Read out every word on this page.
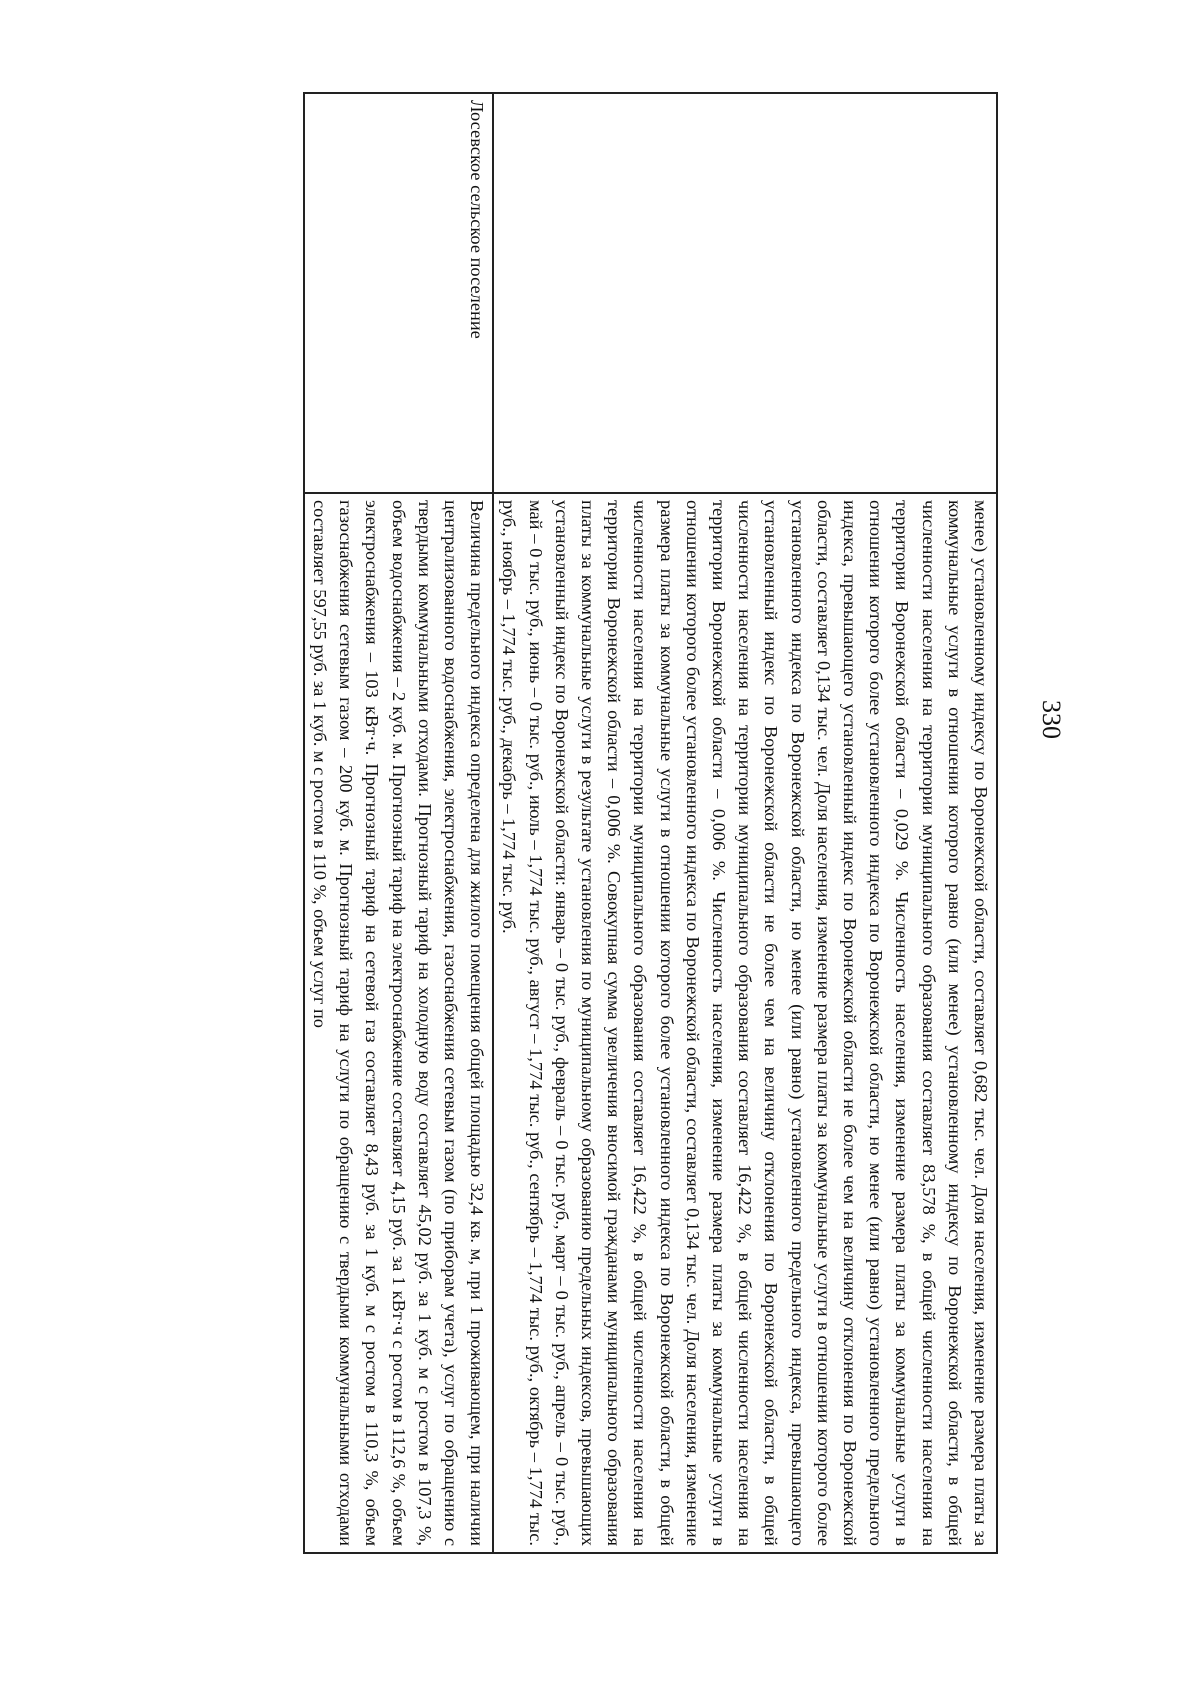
330
	менее) установленному индексу по Воронежской области, составляет 0,682 тыс. чел. Доля населения, изменение размера платы за коммунальные услуги в отношении которого равно (или менее) установленному индексу по Воронежской области, в общей численности населения на территории муниципального образования составляет 83,578 %, в общей численности населения на территории Воронежской области – 0,029 %. Численность населения, изменение размера платы за коммунальные услуги в отношении которого более установленного индекса по Воронежской области, но менее (или равно) установленного предельного индекса, превышающего установленный индекс по Воронежской области не более чем на величину отклонения по Воронежской области, составляет 0,134 тыс. чел. Доля населения, изменение размера платы за коммунальные услуги в отношении которого более установленного индекса по Воронежской области, но менее (или равно) установленного предельного индекса, превышающего установленный индекс по Воронежской области не более чем на величину отклонения по Воронежской области, в общей численности населения на территории муниципального образования составляет 16,422 %, в общей численности населения на территории Воронежской области – 0,006 %. Численность населения, изменение размера платы за коммунальные услуги в отношении которого более установленного индекса по Воронежской области, составляет 0,134 тыс. чел. Доля населения, изменение размера платы за коммунальные услуги в отношении которого более установленного индекса по Воронежской области, в общей численности населения на территории муниципального образования составляет 16,422 %, в общей численности населения на территории Воронежской области – 0,006 %. Совокупная сумма увеличения вносимой гражданами муниципального образования платы за коммунальные услуги в результате установления по муниципальному образованию предельных индексов, превышающих установленный индекс по Воронежской области: январь – 0 тыс. руб., февраль – 0 тыс. руб., март – 0 тыс. руб., апрель – 0 тыс. руб., май – 0 тыс. руб., июнь – 0 тыс. руб., июль – 1,774 тыс. руб., август – 1,774 тыс. руб., сентябрь – 1,774 тыс. руб., октябрь – 1,774 тыс. руб., ноябрь – 1,774 тыс. руб., декабрь – 1,774 тыс. руб.
Лосевское сельское поселение	Величина предельного индекса определена для жилого помещения общей площадью 32,4 кв. м, при 1 проживающем, при наличии централизованного водоснабжения, электроснабжения, газоснабжения сетевым газом (по приборам учета), услуг по обращению с твердыми коммунальными отходами. Прогнозный тариф на холодную воду составляет 45,02 руб. за 1 куб. м с ростом в 107,3 %, объем водоснабжения – 2 куб. м. Прогнозный тариф на электроснабжение составляет 4,15 руб. за 1 кВт·ч с ростом в 112,6 %, объем электроснабжения – 103 кВт·ч. Прогнозный тариф на сетевой газ составляет 8,43 руб. за 1 куб. м с ростом в 110,3 %, объем газоснабжения сетевым газом – 200 куб. м. Прогнозный тариф на услуги по обращению с твердыми коммунальными отходами составляет 597,55 руб. за 1 куб. м с ростом в 110 %, объем услуг по
